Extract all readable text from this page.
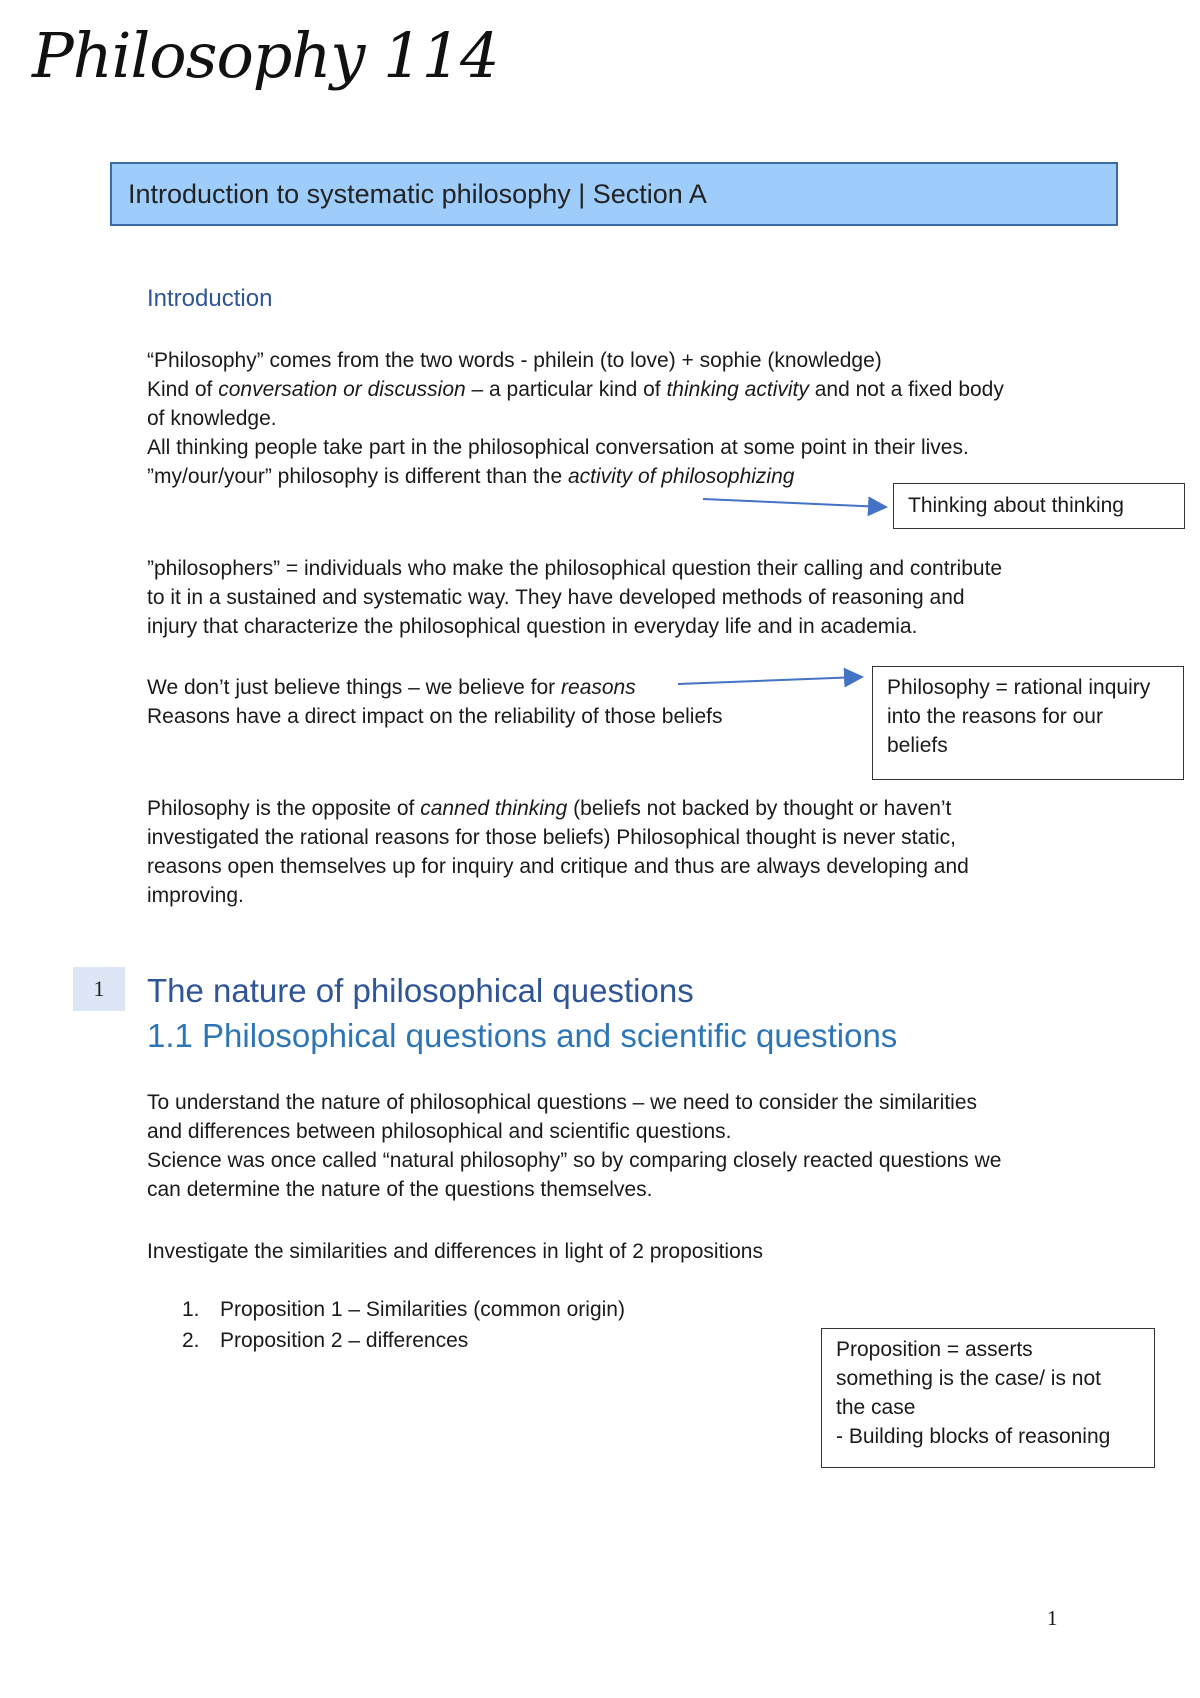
Philosophy 114
Introduction to systematic philosophy | Section A
Introduction

“Philosophy” comes from the two words - philein (to love) + sophie (knowledge)

Kind of conversation or discussion – a particular kind of thinking activity and not a fixed body

of knowledge.

All thinking people take part in the philosophical conversation at some point in their lives.

”my/our/your” philosophy is different than the activity of philosophizing

Thinking about thinking

”philosophers” = individuals who make the philosophical question their calling and contribute

to it in a sustained and systematic way. They have developed methods of reasoning and

injury that characterize the philosophical question in everyday life and in academia.

We don’t just believe things – we believe for reasons

Reasons have a direct impact on the reliability of those beliefs

Philosophy = rational inquiry
into the reasons for our
beliefs

Philosophy is the opposite of canned thinking (beliefs not backed by thought or haven’t

investigated the rational reasons for those beliefs) Philosophical thought is never static,

reasons open themselves up for inquiry and critique and thus are always developing and

improving.

1	The nature of philosophical questions
1.1 Philosophical questions and scientific questions

To understand the nature of philosophical questions – we need to consider the similarities

and differences between philosophical and scientific questions.

Science was once called “natural philosophy” so by comparing closely reacted questions we

can determine the nature of the questions themselves.

Investigate the similarities and differences in light of 2 propositions

1. Proposition 1 – Similarities (common origin)
2. Proposition 2 – differences	Proposition = asserts
something is the case/ is not
the case
- Building blocks of reasoning
1
